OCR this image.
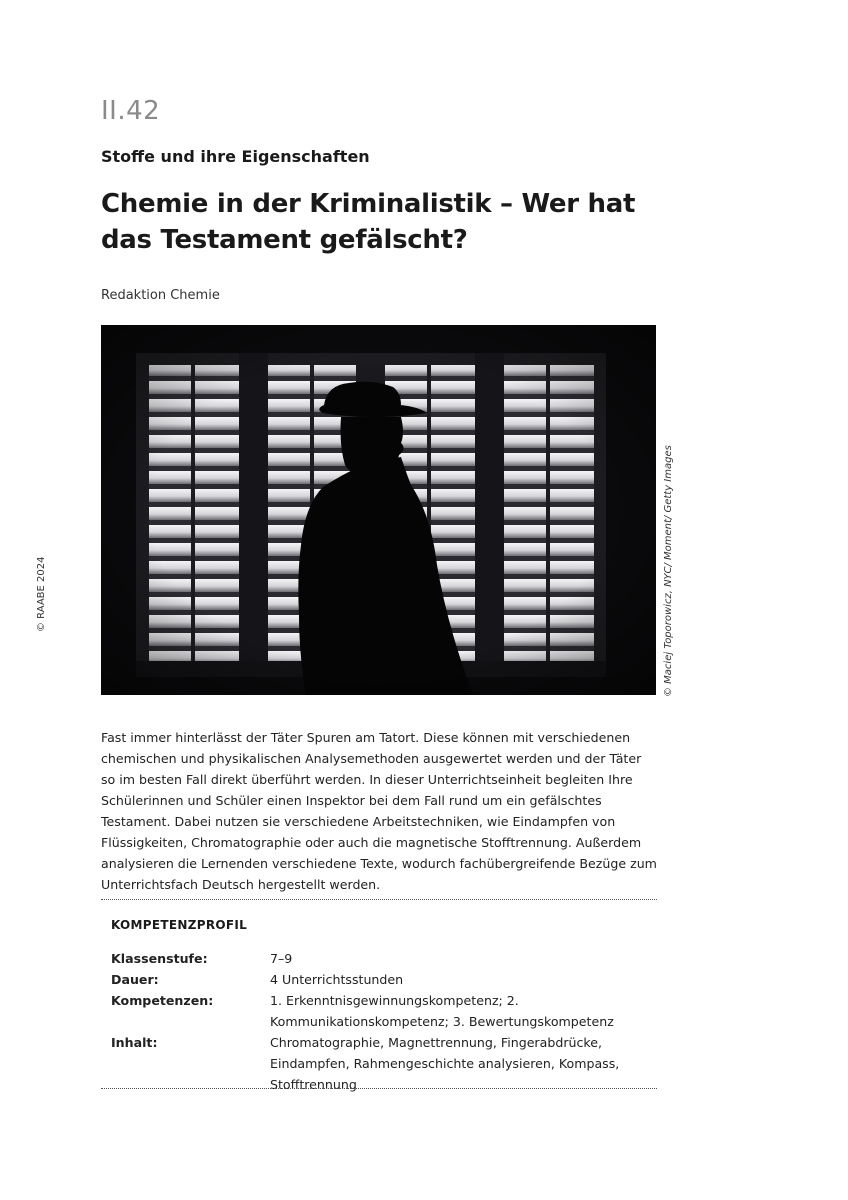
II.42
Stoffe und ihre Eigenschaften
Chemie in der Kriminalistik – Wer hat das Testament gefälscht?
Redaktion Chemie
© RAABE 2024	© Maciej Toporowicz, NYC/ Moment/ Getty Images

Fast immer hinterlässt der Täter Spuren am Tatort. Diese können mit verschiedenen chemischen und physikalischen Analysemethoden ausgewertet werden und der Täter so im besten Fall direkt überführt werden. In dieser Unterrichtseinheit begleiten Ihre Schülerinnen und Schüler einen Inspektor bei dem Fall rund um ein gefälschtes Testament. Dabei nutzen sie verschiedene Arbeitstechniken, wie Eindampfen von Flüssigkeiten, Chromatographie oder auch die magnetische Stofftrennung. Außerdem analysieren die Lernenden verschiedene Texte, wodurch fachübergreifende Bezüge zum Unterrichtsfach Deutsch hergestellt werden.

KOMPETENZPROFIL
Klassenstufe:	7–9
Dauer:	4 Unterrichtsstunden
Kompetenzen:	1. Erkenntnisgewinnungskompetenz; 2. Kommunikationskompetenz; 3. Bewertungskompetenz
Inhalt:	Chromatographie, Magnettrennung, Fingerabdrücke, Eindampfen, Rahmengeschichte analysieren, Kompass, Stofftrennung
